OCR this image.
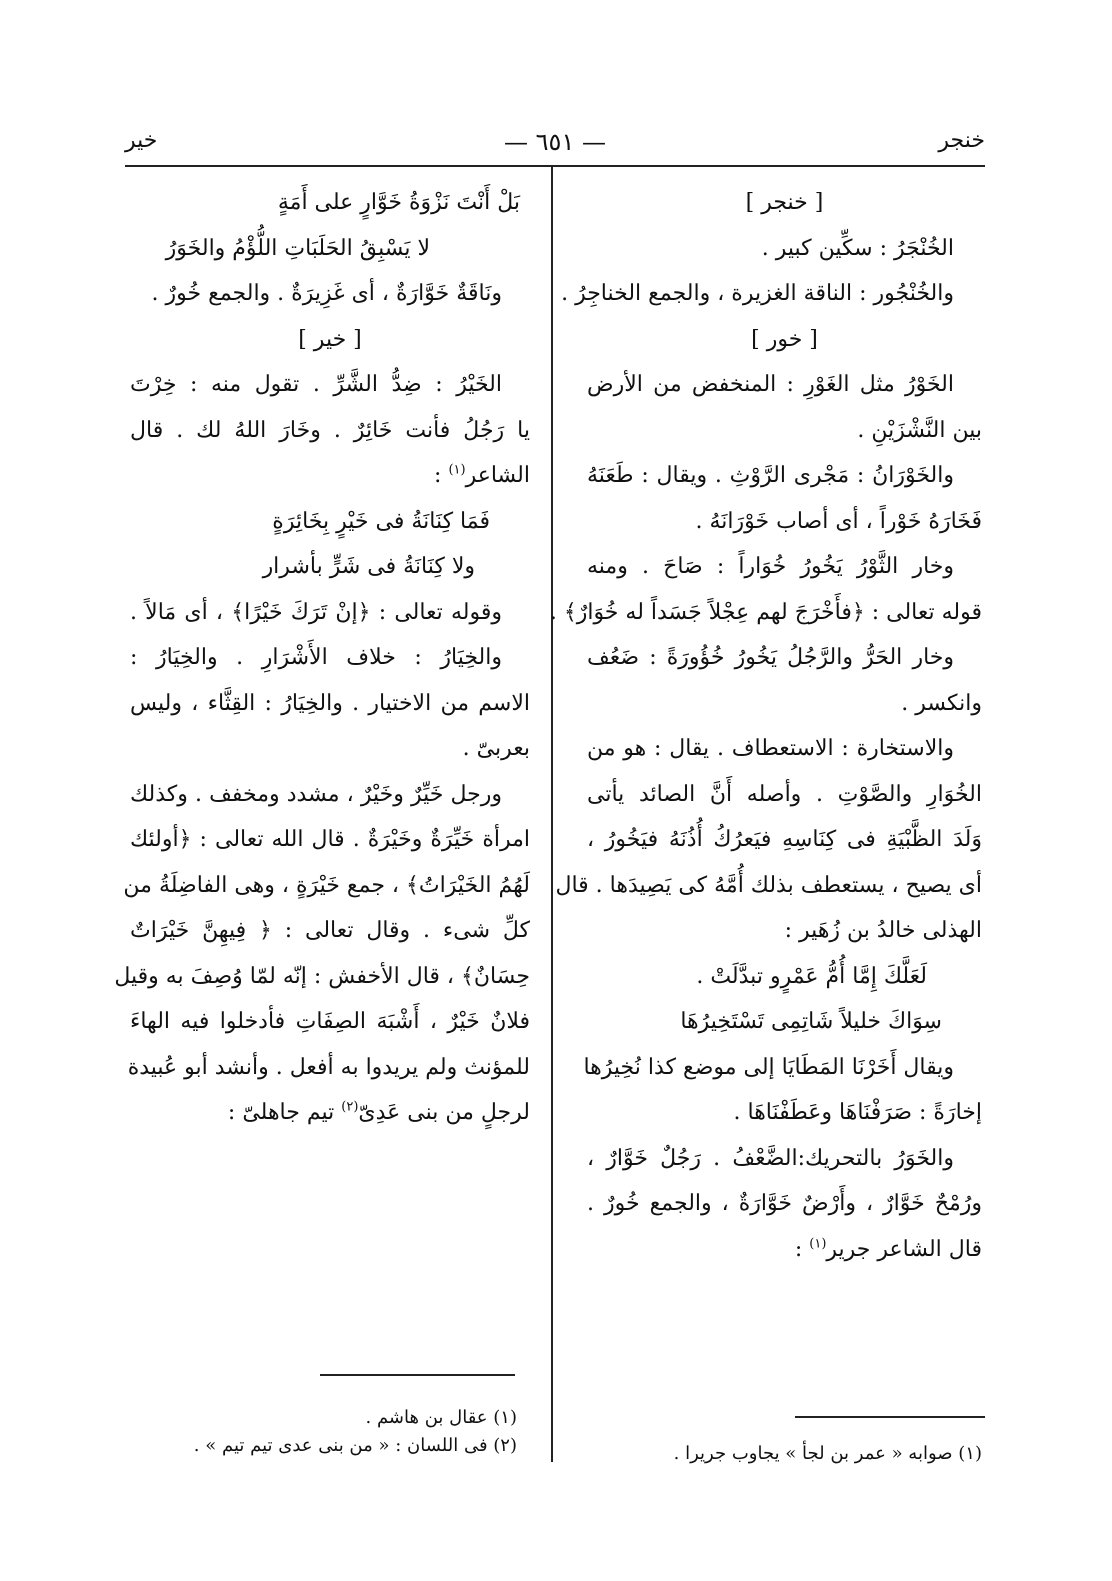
خنجر
— ٦٥١ —
خير
[ خنجر ]
الخُنْجَرُ : سكِّين كبير .
والخُنْجُور : الناقة الغزيرة ، والجمع الخناجِرُ .
[ خور ]
الخَوْرُ مثل الغَوْرِ : المنخفض من الأرض
بين النَّشْزَيْنِ .
والخَوْرَانُ : مَجْرى الرَّوْثِ . ويقال : طَعَنَهُ
فَخَارَهُ خَوْراً ، أى أصاب خَوْرَانَهُ .
وخار الثَّوْرُ يَخُورُ خُوَاراً : صَاحَ . ومنه
قوله تعالى : ﴿فأَخْرَجَ لهم عِجْلاً جَسَداً له خُوَارٌ﴾ .
وخار الحَرُّ والرَّجُلُ يَخُورُ خُؤُورَةً : ضَعُف
وانكسر .
والاستخارة : الاستعطاف . يقال : هو من
الخُوَارِ والصَّوْتِ . وأصله أَنَّ الصائد يأتى
وَلَدَ الظَّبْيَةِ فى كِنَاسِهِ فيَعرُكُ أُذُنَهُ فيَخُورُ ،
أى يصيح ، يستعطف بذلك أُمَّهُ كى يَصِيدَها . قال
الهذلى خالدُ بن زُهَير :
لَعَلَّكَ إِمَّا أُمُّ عَمْرٍو تبدَّلَتْ .
سِوَاكَ خليلاً شَاتِمِى تَسْتَخِيرُهَا
ويقال أَخَرْنَا المَطَايَا إلى موضع كذا نُخِيرُها
إخارَةً : صَرَفْنَاهَا وعَطَفْنَاهَا .
والخَوَرُ بالتحريك:الضَّعْفُ . رَجُلٌ خَوَّارٌ ،
ورُمْحٌ خَوَّارٌ ، وأَرْضٌ خَوَّارَةٌ ، والجمع خُورٌ .
قال الشاعر جرير$^{(١)}$ :
بَلْ أَنْتَ نَزْوَةُ خَوَّارٍ على أَمَةٍ
لا يَسْبِقُ الحَلَبَاتِ اللُّؤْمُ والخَوَرُ
ونَاقَةٌ خَوَّارَةٌ ، أى غَزِيرَةٌ . والجمع خُورٌ .
[ خير ]
الخَيْرُ : ضِدُّ الشَّرِّ . تقول منه : خِرْتَ
يا رَجُلُ فأنت خَائِرٌ . وخَارَ اللهُ لك . قال
الشاعر$^{(١)}$ :
فَمَا كِنَانَةُ فى خَيْرٍ بِخَائِرَةٍ
ولا كِنَانَةُ فى شَرٍّ بأشرار
وقوله تعالى : ﴿إنْ تَرَكَ خَيْرًا﴾ ، أى مَالاً .
والخِيَارُ : خلاف الأَشْرَارِ . والخِيَارُ :
الاسم من الاختيار . والخِيَارُ : القِثَّاء ، وليس
بعربىّ .
ورجل خَيِّرٌ وخَيْرٌ ، مشدد ومخفف . وكذلك
امرأة خَيِّرَةٌ وخَيْرَةٌ . قال الله تعالى : ﴿أولئك
لَهُمُ الخَيْرَاتُ﴾ ، جمع خَيْرَةٍ ، وهى الفاضِلَةُ من
كلِّ شىء . وقال تعالى : ﴿ فِيهِنَّ خَيْرَاتٌ
حِسَانٌ﴾ ، قال الأخفش : إنّه لمّا وُصِفَ به وقيل
فلانٌ خَيْرٌ ، أَشْبَهَ الصِفَاتِ فأدخلوا فيه الهاءَ
للمؤنث ولم يريدوا به أفعل . وأنشد أبو عُبيدة
لرجلٍ من بنى عَدِىّ$^{(٢)}$ تيم جاهلىّ :
(١) صوابه « عمر بن لجأ » يجاوب جريرا .
(١) عقال بن هاشم .
(٢) فى اللسان : « من بنى عدى تيم تيم » .
